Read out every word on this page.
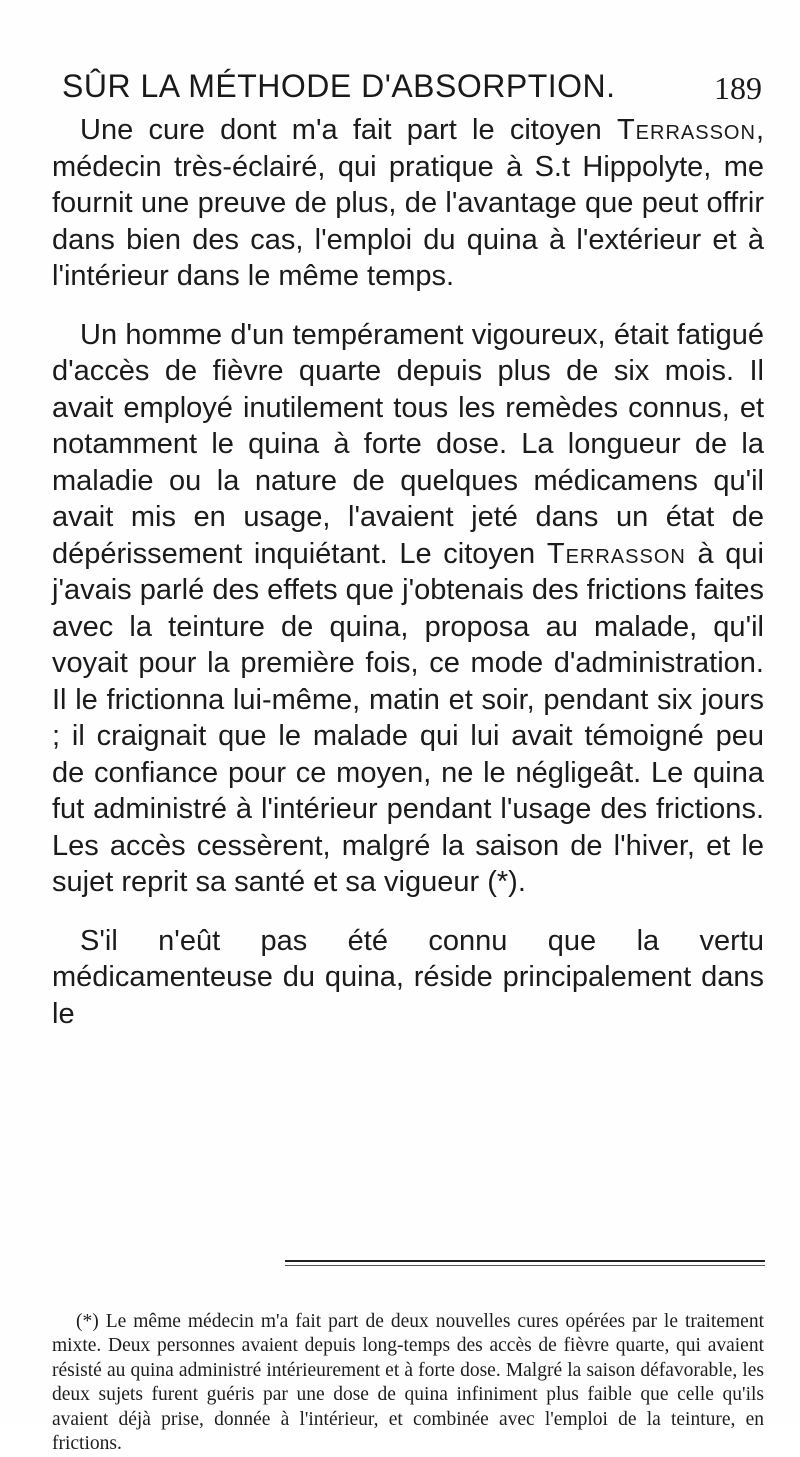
SÛR LA MÉTHODE D'ABSORPTION.	189

Une cure dont m'a fait part le citoyen Terrasson, médecin très-éclairé, qui pratique à S.t Hippolyte, me fournit une preuve de plus, de l'avantage que peut offrir dans bien des cas, l'emploi du quina à l'extérieur et à l'intérieur dans le même temps.

Un homme d'un tempérament vigoureux, était fatigué d'accès de fièvre quarte depuis plus de six mois. Il avait employé inutilement tous les remèdes connus, et notamment le quina à forte dose. La longueur de la maladie ou la nature de quelques médicamens qu'il avait mis en usage, l'avaient jeté dans un état de dépérissement inquiétant. Le citoyen Terrasson à qui j'avais parlé des effets que j'obtenais des frictions faites avec la teinture de quina, proposa au malade, qu'il voyait pour la première fois, ce mode d'administration. Il le frictionna lui-même, matin et soir, pendant six jours ; il craignait que le malade qui lui avait témoigné peu de confiance pour ce moyen, ne le négligeât. Le quina fut administré à l'intérieur pendant l'usage des frictions. Les accès cessèrent, malgré la saison de l'hiver, et le sujet reprit sa santé et sa vigueur (*).

S'il n'eût pas été connu que la vertu médicamenteuse du quina, réside principalement dans le

(*) Le même médecin m'a fait part de deux nouvelles cures opérées par le traitement mixte. Deux personnes avaient depuis long-temps des accès de fièvre quarte, qui avaient résisté au quina administré intérieurement et à forte dose. Malgré la saison défavorable, les deux sujets furent guéris par une dose de quina infiniment plus faible que celle qu'ils avaient déjà prise, donnée à l'intérieur, et combinée avec l'emploi de la teinture, en frictions.
